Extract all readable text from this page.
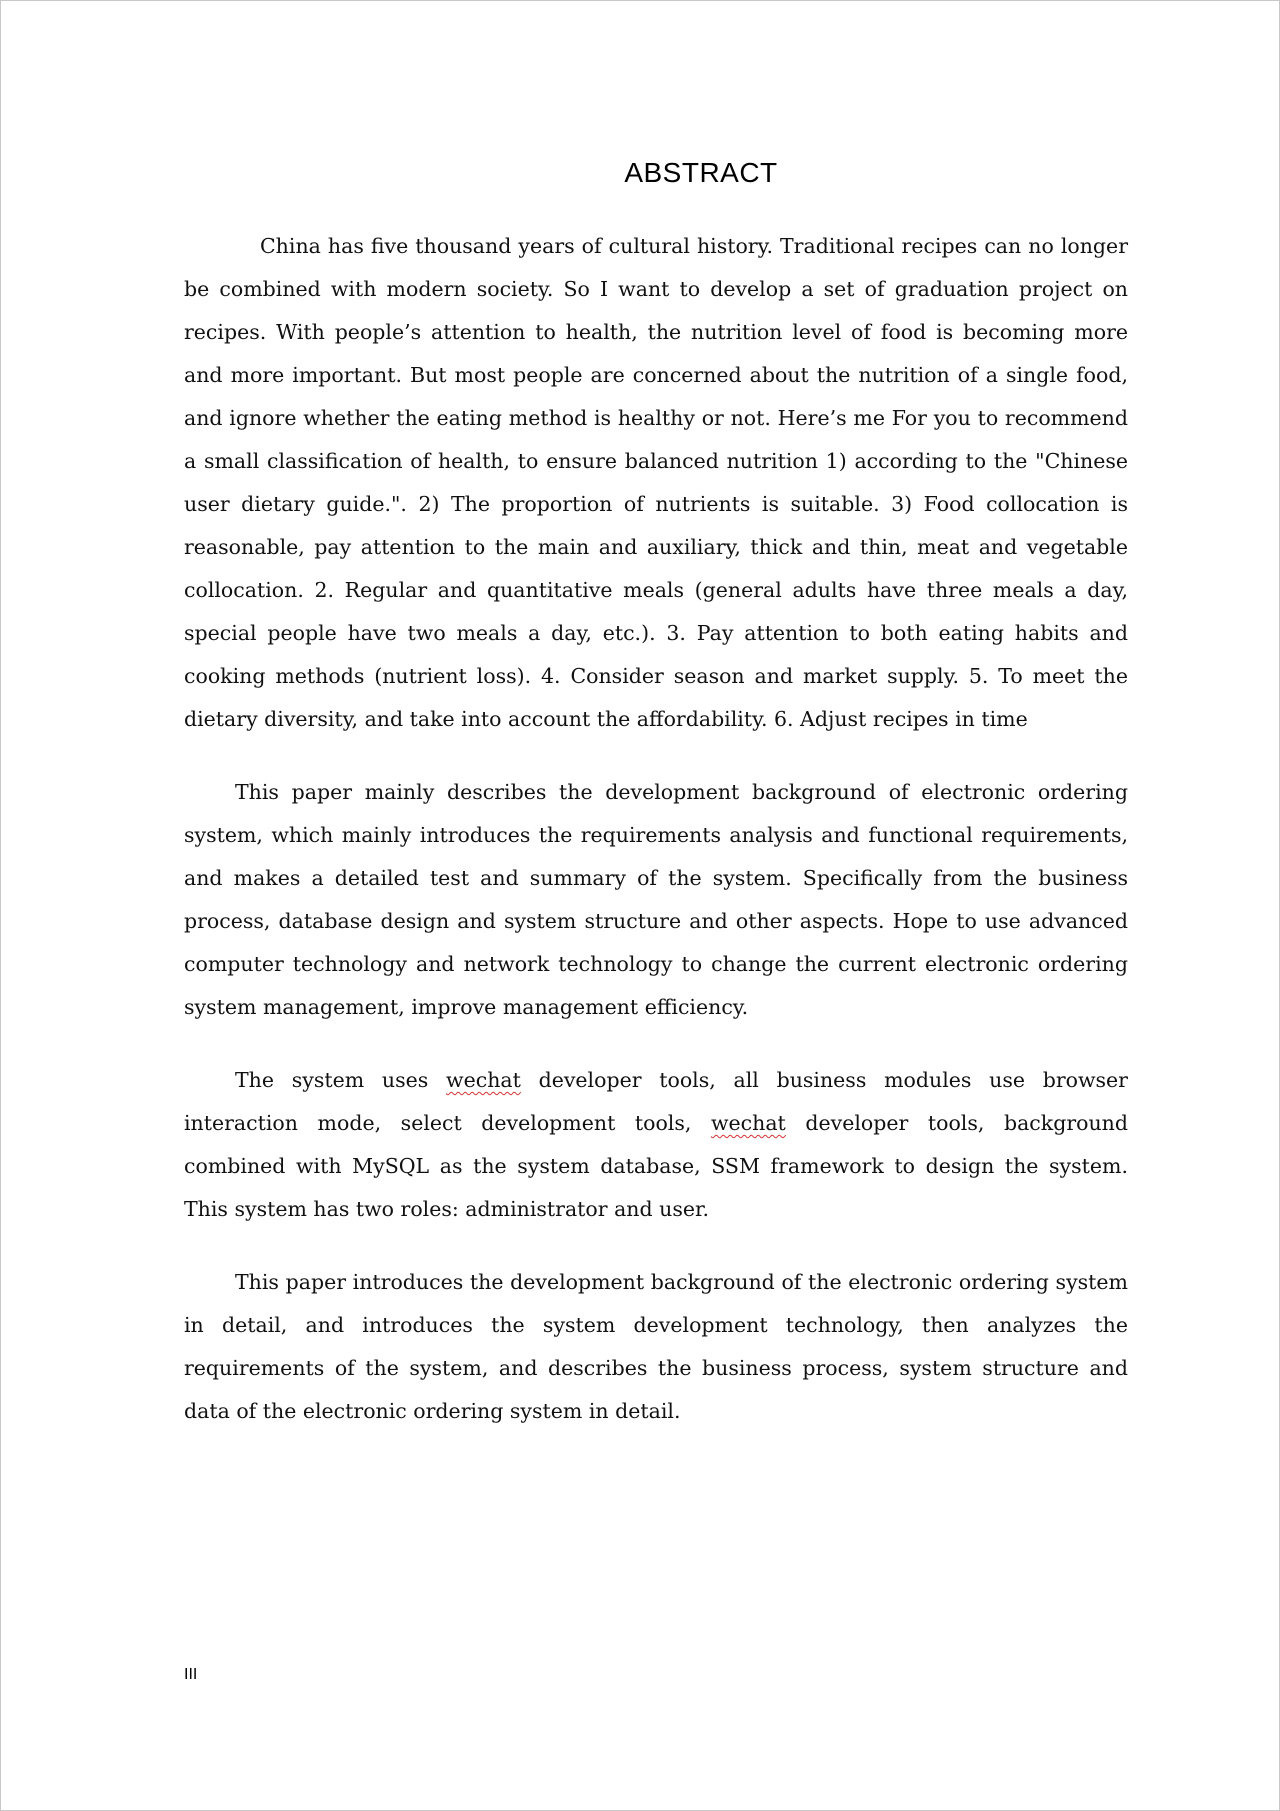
ABSTRACT

China has five thousand years of cultural history. Traditional recipes can no longer be combined with modern society. So I want to develop a set of graduation project on recipes. With people’s attention to health, the nutrition level of food is becoming more and more important. But most people are concerned about the nutrition of a single food, and ignore whether the eating method is healthy or not. Here’s me For you to recommend a small classification of health, to ensure balanced nutrition 1) according to the "Chinese user dietary guide.". 2) The proportion of nutrients is suitable. 3) Food collocation is reasonable, pay attention to the main and auxiliary, thick and thin, meat and vegetable collocation. 2. Regular and quantitative meals (general adults have three meals a day, special people have two meals a day, etc.). 3. Pay attention to both eating habits and cooking methods (nutrient loss). 4. Consider season and market supply. 5. To meet the dietary diversity, and take into account the affordability. 6. Adjust recipes in time

This paper mainly describes the development background of electronic ordering system, which mainly introduces the requirements analysis and functional requirements, and makes a detailed test and summary of the system. Specifically from the business process, database design and system structure and other aspects. Hope to use advanced computer technology and network technology to change the current electronic ordering system management, improve management efficiency.

The system uses wechat developer tools, all business modules use browser interaction mode, select development tools, wechat developer tools, background combined with MySQL as the system database, SSM framework to design the system. This system has two roles: administrator and user.

This paper introduces the development background of the electronic ordering system in detail, and introduces the system development technology, then analyzes the requirements of the system, and describes the business process, system structure and data of the electronic ordering system in detail.

III
